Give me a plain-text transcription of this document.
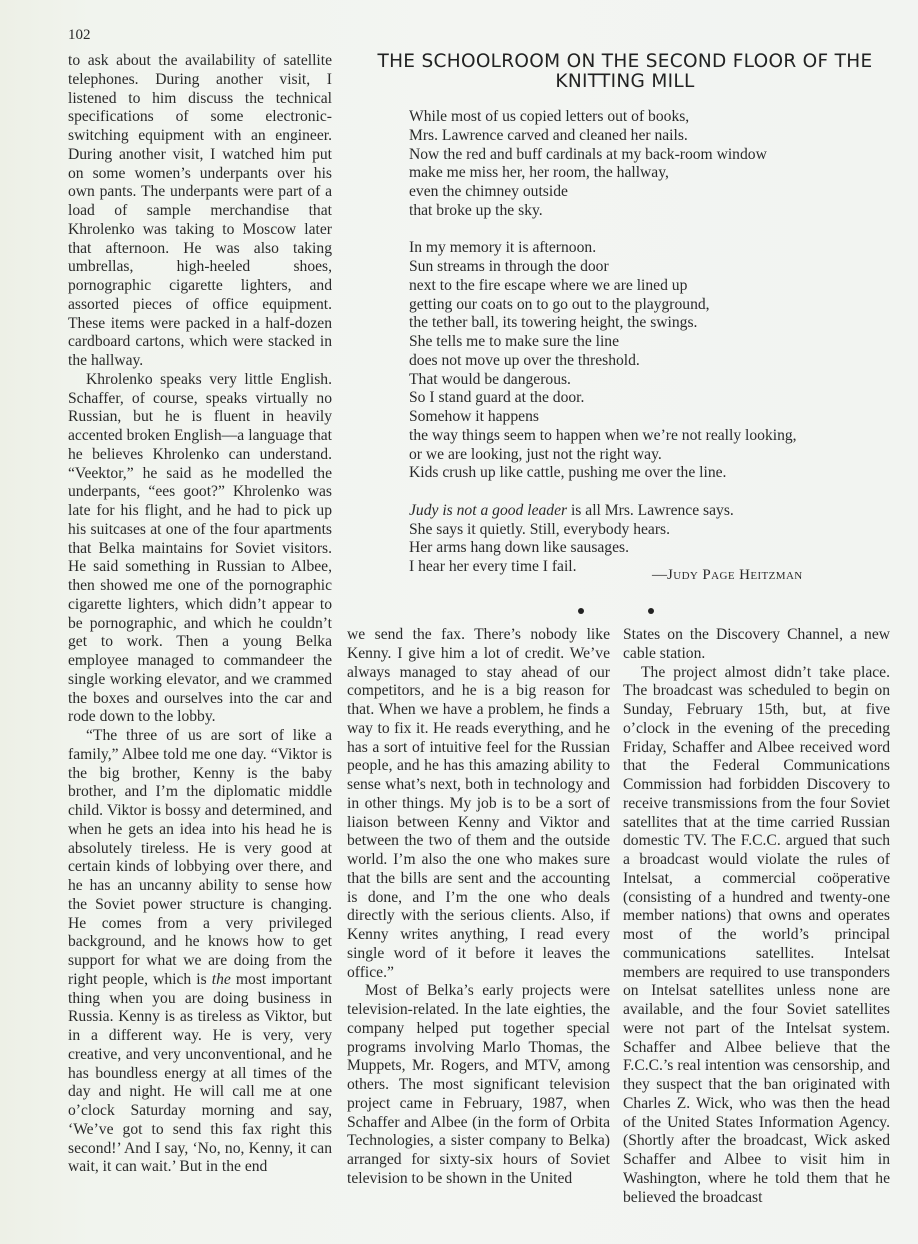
102

to ask about the availability of satellite telephones. During another visit, I listened to him discuss the technical specifications of some electronic-switching equipment with an engineer. During another visit, I watched him put on some women’s underpants over his own pants. The underpants were part of a load of sample merchandise that Khrolenko was taking to Moscow later that afternoon. He was also taking umbrellas, high-heeled shoes, pornographic cigarette lighters, and assorted pieces of office equipment. These items were packed in a half-dozen cardboard cartons, which were stacked in the hallway.

Khrolenko speaks very little English. Schaffer, of course, speaks virtually no Russian, but he is fluent in heavily accented broken English—a language that he believes Khrolenko can understand. “Veektor,” he said as he modelled the underpants, “ees goot?” Khrolenko was late for his flight, and he had to pick up his suitcases at one of the four apartments that Belka maintains for Soviet visitors. He said something in Russian to Albee, then showed me one of the pornographic cigarette lighters, which didn’t appear to be pornographic, and which he couldn’t get to work. Then a young Belka employee managed to commandeer the single working elevator, and we crammed the boxes and ourselves into the car and rode down to the lobby.

“The three of us are sort of like a family,” Albee told me one day. “Viktor is the big brother, Kenny is the baby brother, and I’m the diplomatic middle child. Viktor is bossy and determined, and when he gets an idea into his head he is absolutely tireless. He is very good at certain kinds of lobbying over there, and he has an uncanny ability to sense how the Soviet power structure is changing. He comes from a very privileged background, and he knows how to get support for what we are doing from the right people, which is the most important thing when you are doing business in Russia. Kenny is as tireless as Viktor, but in a different way. He is very, very creative, and very unconventional, and he has boundless energy at all times of the day and night. He will call me at one o’clock Saturday morning and say, ‘We’ve got to send this fax right this second!’ And I say, ‘No, no, Kenny, it can wait, it can wait.’ But in the end

THE SCHOOLROOM ON THE SECOND FLOOR OF THE KNITTING MILL
While most of us copied letters out of books,
Mrs. Lawrence carved and cleaned her nails.
Now the red and buff cardinals at my back-room window
make me miss her, her room, the hallway,
even the chimney outside
that broke up the sky.
In my memory it is afternoon.
Sun streams in through the door
next to the fire escape where we are lined up
getting our coats on to go out to the playground,
the tether ball, its towering height, the swings.
She tells me to make sure the line
does not move up over the threshold.
That would be dangerous.
So I stand guard at the door.
Somehow it happens
the way things seem to happen when we’re not really looking,
or we are looking, just not the right way.
Kids crush up like cattle, pushing me over the line.
Judy is not a good leader is all Mrs. Lawrence says.
She says it quietly. Still, everybody hears.
Her arms hang down like sausages.
I hear her every time I fail.	—Judy Page Heitzman

we send the fax. There’s nobody like Kenny. I give him a lot of credit. We’ve always managed to stay ahead of our competitors, and he is a big reason for that. When we have a problem, he finds a way to fix it. He reads everything, and he has a sort of intuitive feel for the Russian people, and he has this amazing ability to sense what’s next, both in technology and in other things. My job is to be a sort of liaison between Kenny and Viktor and between the two of them and the outside world. I’m also the one who makes sure that the bills are sent and the accounting is done, and I’m the one who deals directly with the serious clients. Also, if Kenny writes anything, I read every single word of it before it leaves the office.”

Most of Belka’s early projects were television-related. In the late eighties, the company helped put together special programs involving Marlo Thomas, the Muppets, Mr. Rogers, and MTV, among others. The most significant television project came in February, 1987, when Schaffer and Albee (in the form of Orbita Technologies, a sister company to Belka) arranged for sixty-six hours of Soviet television to be shown in the United

States on the Discovery Channel, a new cable station.

The project almost didn’t take place. The broadcast was scheduled to begin on Sunday, February 15th, but, at five o’clock in the evening of the preceding Friday, Schaffer and Albee received word that the Federal Communications Commission had forbidden Discovery to receive transmissions from the four Soviet satellites that at the time carried Russian domestic TV. The F.C.C. argued that such a broadcast would violate the rules of Intelsat, a commercial coöperative (consisting of a hundred and twenty-one member nations) that owns and operates most of the world’s principal communications satellites. Intelsat members are required to use transponders on Intelsat satellites unless none are available, and the four Soviet satellites were not part of the Intelsat system. Schaffer and Albee believe that the F.C.C.’s real intention was censorship, and they suspect that the ban originated with Charles Z. Wick, who was then the head of the United States Information Agency. (Shortly after the broadcast, Wick asked Schaffer and Albee to visit him in Washington, where he told them that he believed the broadcast
